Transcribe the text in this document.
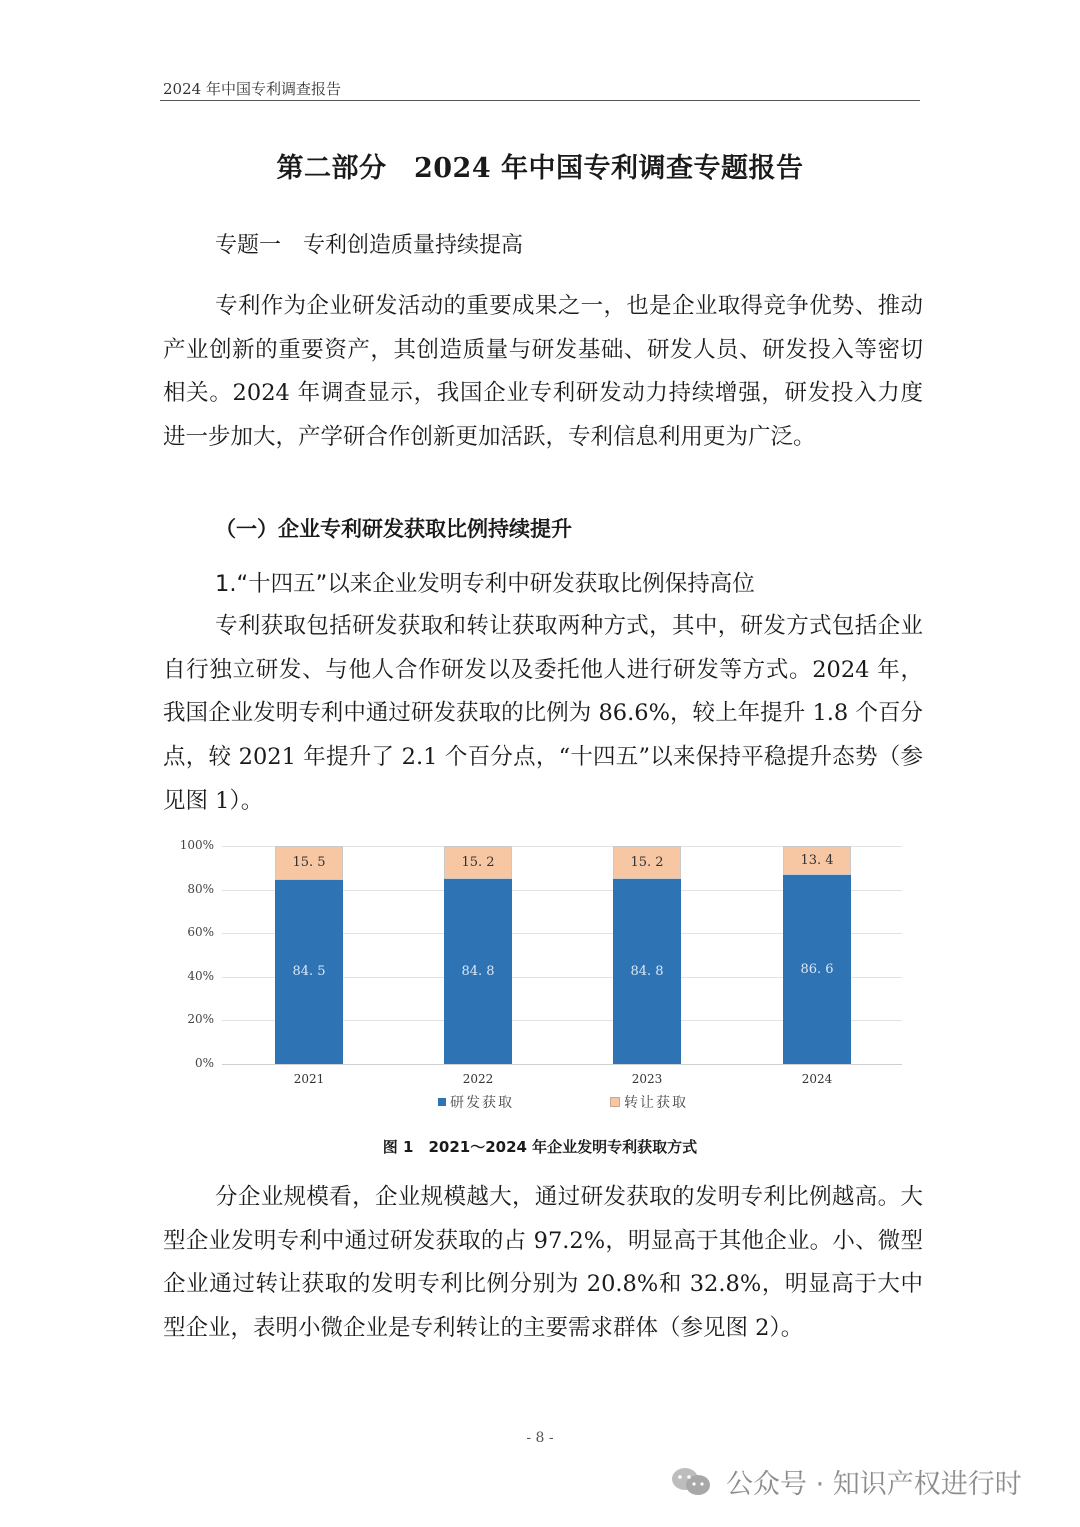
2024 年中国专利调查报告
第二部分　2024 年中国专利调查专题报告
专题一　专利创造质量持续提高

专利作为企业研发活动的重要成果之一，也是企业取得竞争优势、推动产业创新的重要资产，其创造质量与研发基础、研发人员、研发投入等密切相关。2024 年调查显示，我国企业专利研发动力持续增强，研发投入力度进一步加大，产学研合作创新更加活跃，专利信息利用更为广泛。

（一）企业专利研发获取比例持续提升
1.“十四五”以来企业发明专利中研发获取比例保持高位

专利获取包括研发获取和转让获取两种方式，其中，研发方式包括企业自行独立研发、与他人合作研发以及委托他人进行研发等方式。2024 年，我国企业发明专利中通过研发获取的比例为 86.6%，较上年提升 1.8 个百分点，较 2021 年提升了 2.1 个百分点，“十四五”以来保持平稳提升态势（参见图 1）。

0%
20%
40%
60%
80%
100%
15. 5
84. 5
2021
15. 2
84. 8
2022
15. 2
84. 8
2023
13. 4
86. 6
2024
研发获取	转让获取
图 1　2021～2024 年企业发明专利获取方式

分企业规模看，企业规模越大，通过研发获取的发明专利比例越高。大型企业发明专利中通过研发获取的占 97.2%，明显高于其他企业。小、微型企业通过转让获取的发明专利比例分别为 20.8%和 32.8%，明显高于大中型企业，表明小微企业是专利转让的主要需求群体（参见图 2）。

- 8 -
公众号 · 知识产权进行时
